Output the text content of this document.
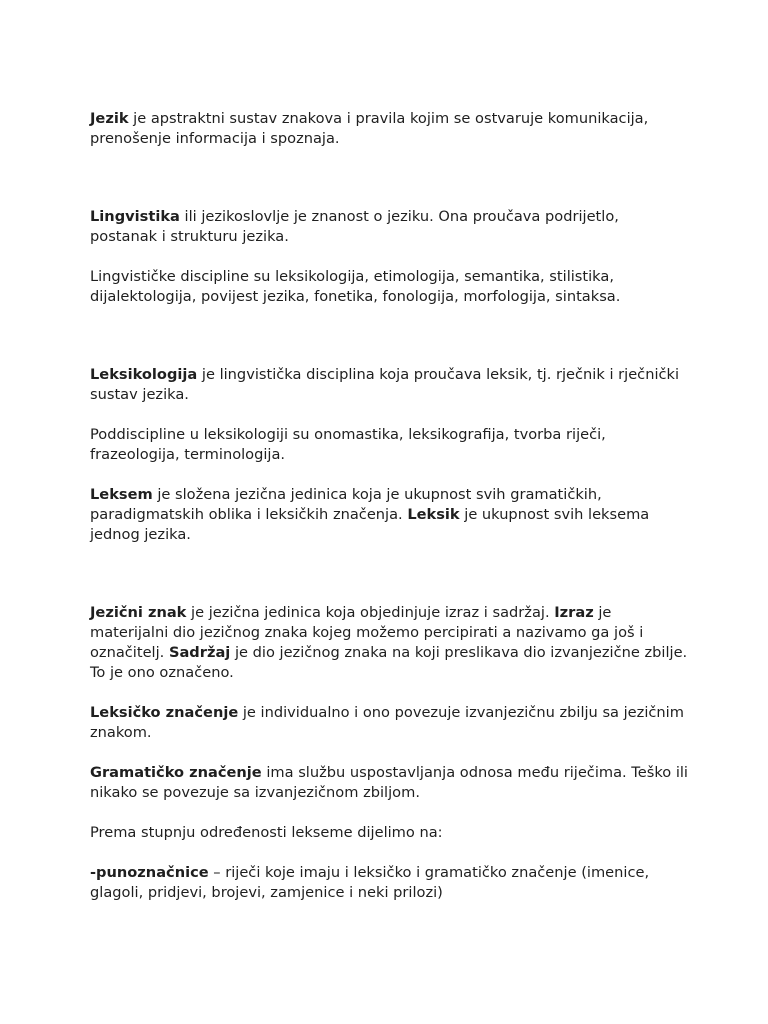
Jezik je apstraktni sustav znakova i pravila kojim se ostvaruje komunikacija, prenošenje informacija i spoznaja.

Lingvistika ili jezikoslovlje je znanost o jeziku. Ona proučava podrijetlo, postanak i strukturu jezika.

Lingvističke discipline su leksikologija, etimologija, semantika, stilistika, dijalektologija, povijest jezika, fonetika, fonologija, morfologija, sintaksa.

Leksikologija je lingvistička disciplina koja proučava leksik, tj. rječnik i rječnički sustav jezika.

Poddiscipline u leksikologiji su onomastika, leksikografija, tvorba riječi, frazeologija, terminologija.

Leksem je složena jezična jedinica koja je ukupnost svih gramatičkih, paradigmatskih oblika i leksičkih značenja. Leksik je ukupnost svih leksema jednog jezika.

Jezični znak je jezična jedinica koja objedinjuje izraz i sadržaj. Izraz je materijalni dio jezičnog znaka kojeg možemo percipirati a nazivamo ga još i označitelj. Sadržaj je dio jezičnog znaka na koji preslikava dio izvanjezične zbilje. To je ono označeno.

Leksičko značenje je individualno i ono povezuje izvanjezičnu zbilju sa jezičnim znakom.

Gramatičko značenje ima službu uspostavljanja odnosa među riječima. Teško ili nikako se povezuje sa izvanjezičnom zbiljom.

Prema stupnju određenosti lekseme dijelimo na:

-punoznačnice – riječi koje imaju i leksičko i gramatičko značenje (imenice, glagoli, pridjevi, brojevi, zamjenice i neki prilozi)
